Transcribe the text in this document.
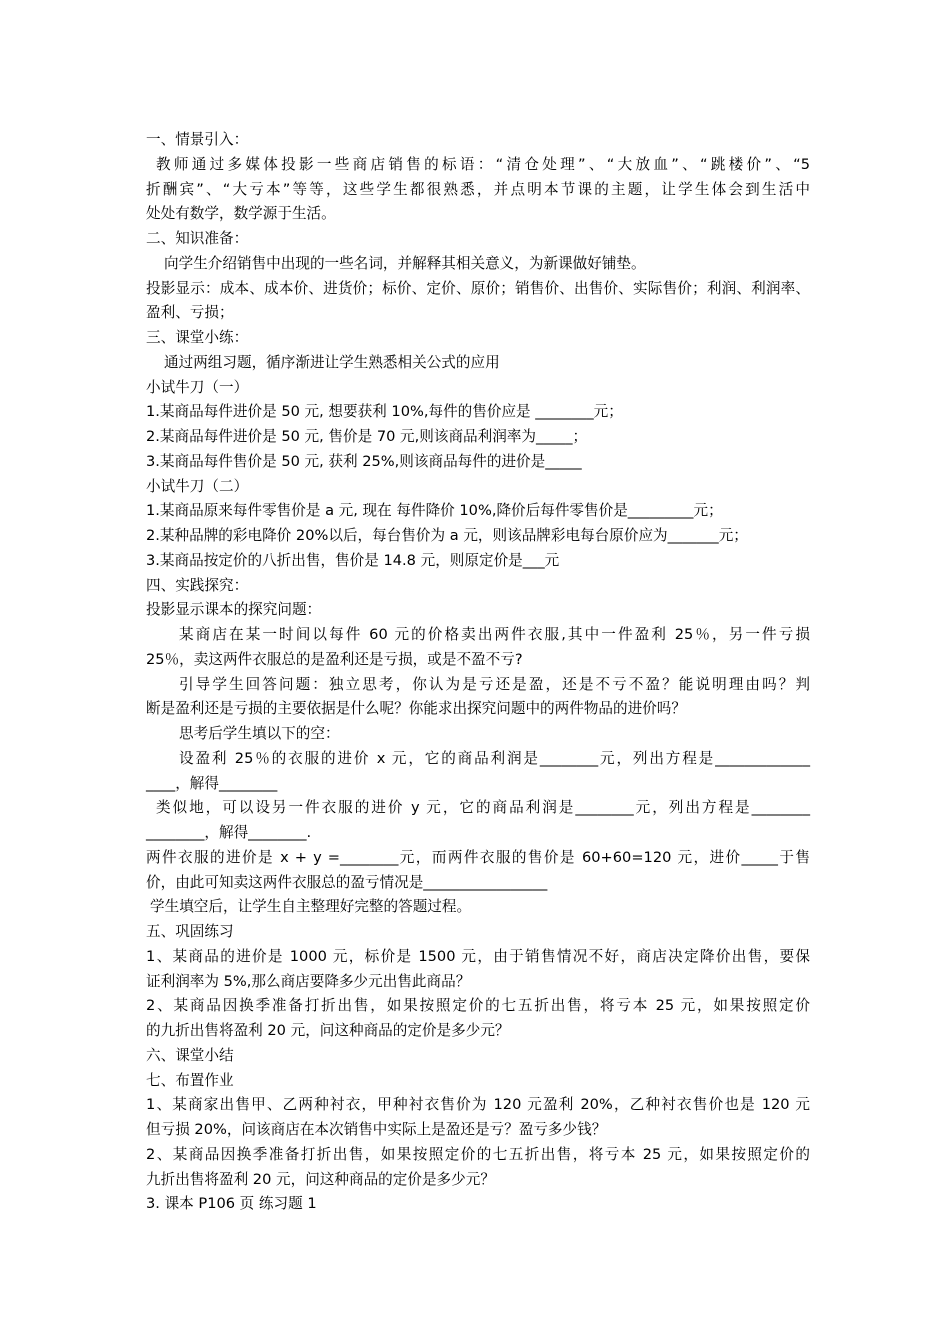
一、情景引入：

教师通过多媒体投影一些商店销售的标语：“清仓处理”、“大放血”、“跳楼价”、“5

折酬宾”、“大亏本”等等，这些学生都很熟悉，并点明本节课的主题，让学生体会到生活中

处处有数学，数学源于生活。

二、知识准备：

向学生介绍销售中出现的一些名词，并解释其相关意义，为新课做好铺垫。

投影显示：成本、成本价、进货价；标价、定价、原价；销售价、出售价、实际售价；利润、利润率、

盈利、亏损；

三、课堂小练：

通过两组习题，循序渐进让学生熟悉相关公式的应用

小试牛刀（一）

1.某商品每件进价是 50 元, 想要获利 10%,每件的售价应是 ________元；

2.某商品每件进价是 50 元, 售价是 70 元,则该商品利润率为_____；

3.某商品每件售价是 50 元, 获利 25%,则该商品每件的进价是_____

小试牛刀（二）

1.某商品原来每件零售价是 a 元, 现在 每件降价 10%,降价后每件零售价是_________元；

2.某种品牌的彩电降价 20%以后，每台售价为 a 元，则该品牌彩电每台原价应为_______元；

3.某商品按定价的八折出售，售价是 14.8 元，则原定价是___元

四、实践探究：

投影显示课本的探究问题：

某商店在某一时间以每件 60 元的价格卖出两件衣服,其中一件盈利 25％，另一件亏损

25％，卖这两件衣服总的是盈利还是亏损，或是不盈不亏?

引导学生回答问题：独立思考，你认为是亏还是盈，还是不亏不盈？能说明理由吗？判

断是盈利还是亏损的主要依据是什么呢？你能求出探究问题中的两件物品的进价吗？

思考后学生填以下的空：

设盈利 25％的衣服的进价 x 元，它的商品利润是________元，列出方程是_____________

____，解得________

类似地，可以设另一件衣服的进价 y 元，它的商品利润是________元，列出方程是________

________，解得________.

两件衣服的进价是 x + y =________元，而两件衣服的售价是 60+60=120 元，进价_____于售

价，由此可知卖这两件衣服总的盈亏情况是_________________

学生填空后，让学生自主整理好完整的答题过程。

五、巩固练习

1、某商品的进价是 1000 元，标价是 1500 元，由于销售情况不好，商店决定降价出售，要保

证利润率为 5%,那么商店要降多少元出售此商品？

2、某商品因换季准备打折出售，如果按照定价的七五折出售，将亏本 25 元，如果按照定价

的九折出售将盈利 20 元，问这种商品的定价是多少元？

六、课堂小结

七、布置作业

1、某商家出售甲、乙两种衬衣，甲种衬衣售价为 120 元盈利 20%，乙种衬衣售价也是 120 元

但亏损 20%，问该商店在本次销售中实际上是盈还是亏？盈亏多少钱？

2、某商品因换季准备打折出售，如果按照定价的七五折出售，将亏本 25 元，如果按照定价的

九折出售将盈利 20 元，问这种商品的定价是多少元？

3. 课本 P106 页 练习题 1
